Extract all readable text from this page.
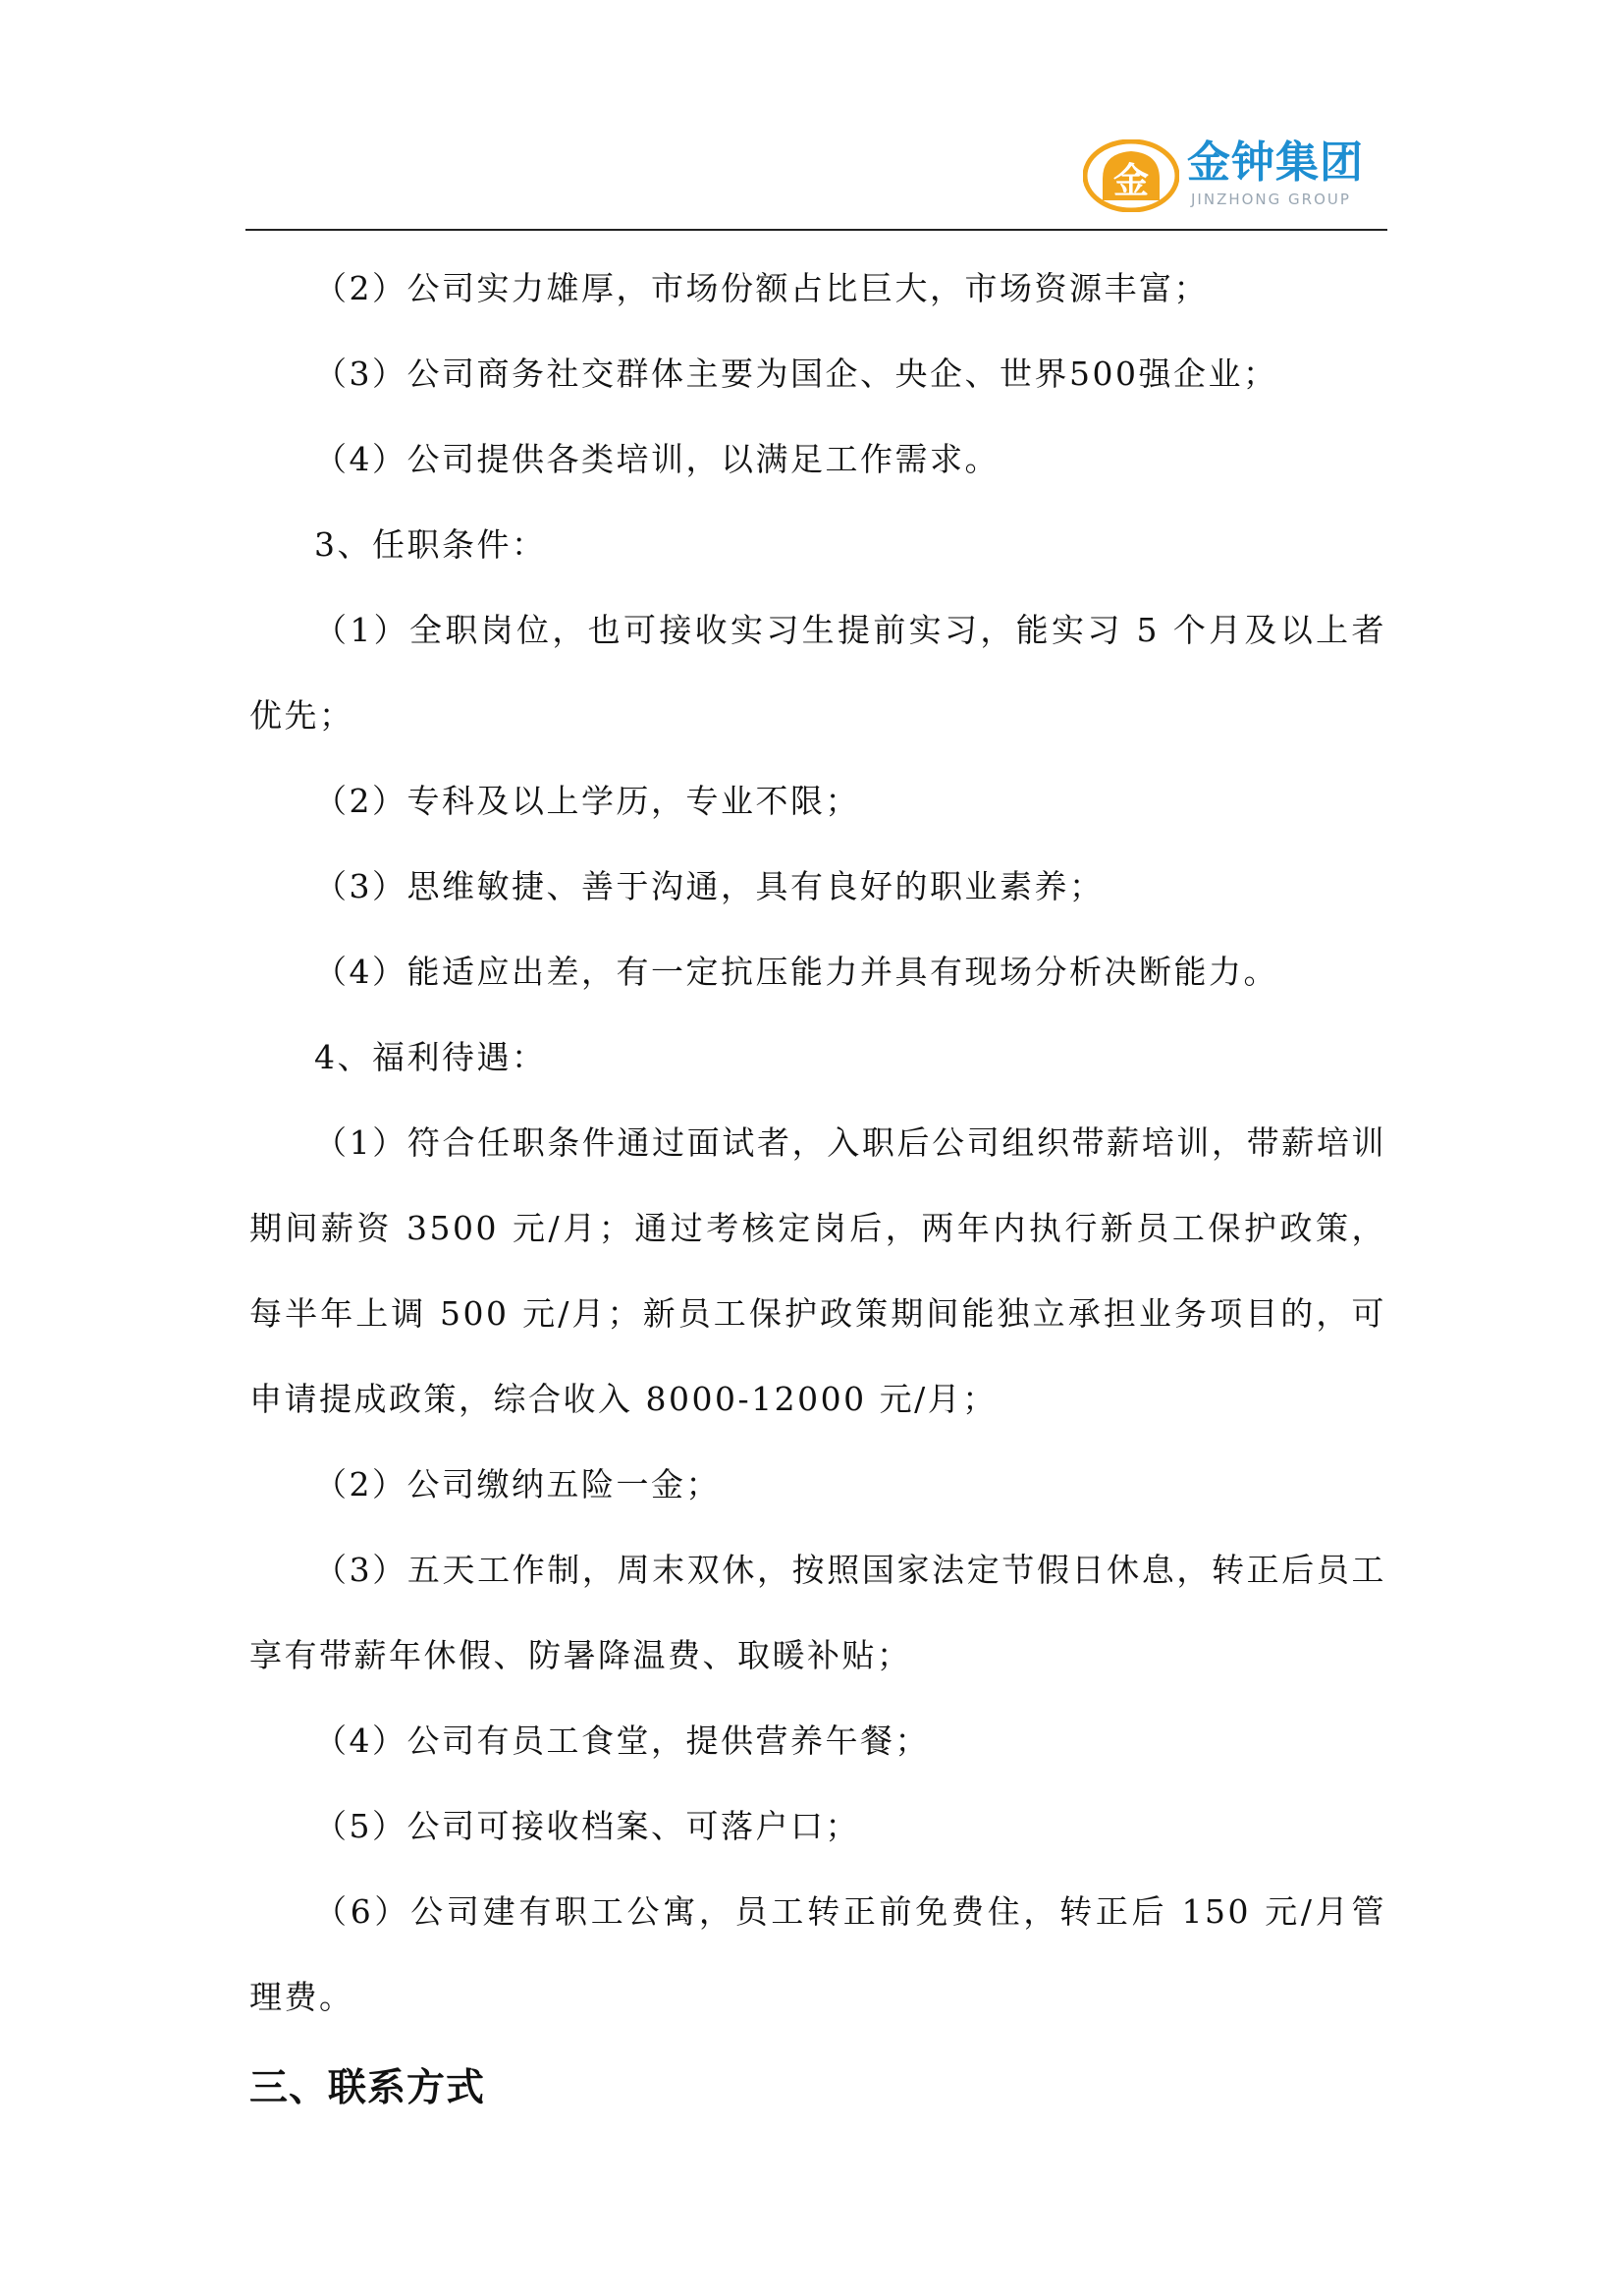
金 金钟集团
JINZHONG GROUP

（2）公司实力雄厚，市场份额占比巨大，市场资源丰富；

（3）公司商务社交群体主要为国企、央企、世界500强企业；

（4）公司提供各类培训，以满足工作需求。

3、任职条件：

（1）全职岗位，也可接收实习生提前实习，能实习 5 个月及以上者优先；

（2）专科及以上学历，专业不限；

（3）思维敏捷、善于沟通，具有良好的职业素养；

（4）能适应出差，有一定抗压能力并具有现场分析决断能力。

4、福利待遇：

（1）符合任职条件通过面试者，入职后公司组织带薪培训，带薪培训期间薪资 3500 元/月；通过考核定岗后，两年内执行新员工保护政策，每半年上调 500 元/月；新员工保护政策期间能独立承担业务项目的，可申请提成政策，综合收入 8000-12000 元/月；

（2）公司缴纳五险一金；

（3）五天工作制，周末双休，按照国家法定节假日休息，转正后员工享有带薪年休假、防暑降温费、取暖补贴；

（4）公司有员工食堂，提供营养午餐；

（5）公司可接收档案、可落户口；

（6）公司建有职工公寓，员工转正前免费住，转正后 150 元/月管理费。

三、联系方式
